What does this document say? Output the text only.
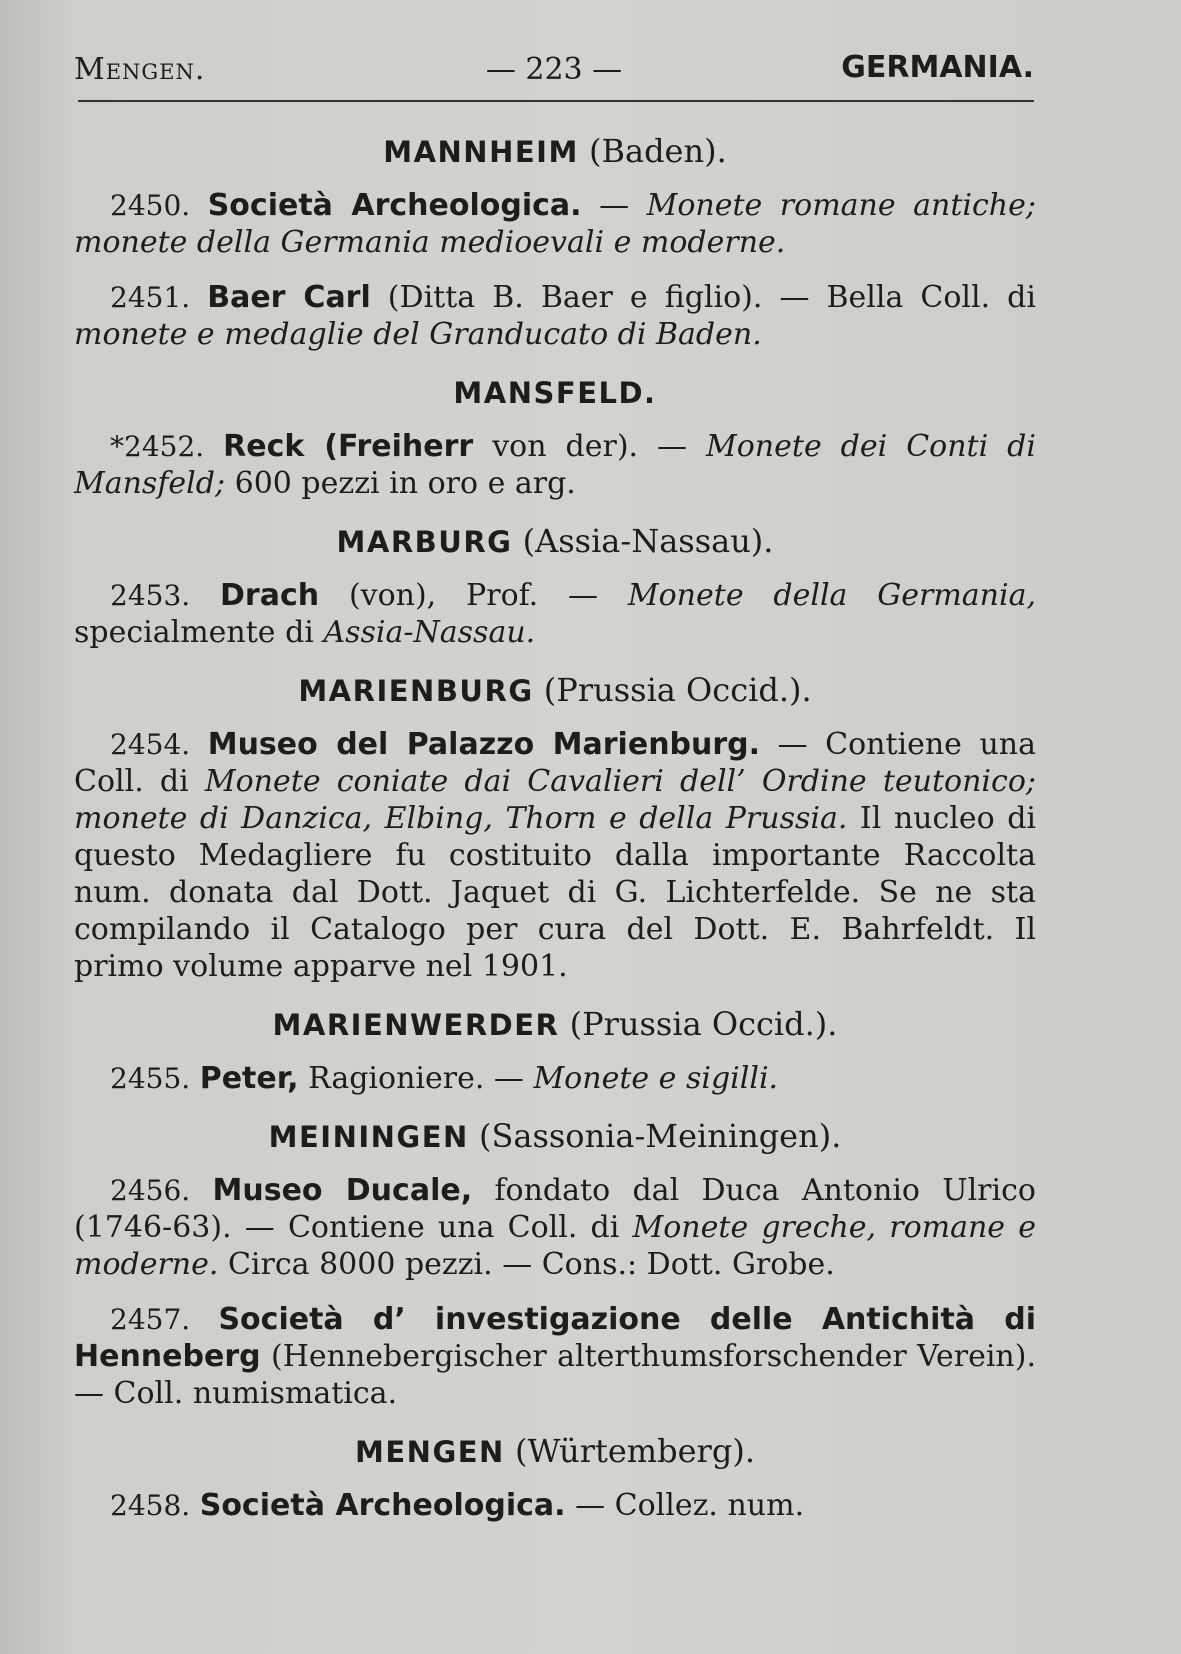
Mengen.	— 223 —	GERMANIA.
MANNHEIM (Baden).

2450. Società Archeologica. — Monete romane antiche; monete della Germania medioevali e moderne.

2451. Baer Carl (Ditta B. Baer e figlio). — Bella Coll. di monete e medaglie del Granducato di Baden.

MANSFELD.

*2452. Reck (Freiherr von der). — Monete dei Conti di Mansfeld; 600 pezzi in oro e arg.

MARBURG (Assia-Nassau).

2453. Drach (von), Prof. — Monete della Germania, specialmente di Assia-Nassau.

MARIENBURG (Prussia Occid.).

2454. Museo del Palazzo Marienburg. — Contiene una Coll. di Monete coniate dai Cavalieri dell’ Ordine teutonico; monete di Danzica, Elbing, Thorn e della Prussia. Il nucleo di questo Medagliere fu costituito dalla importante Raccolta num. donata dal Dott. Jaquet di G. Lichterfelde. Se ne sta compilando il Catalogo per cura del Dott. E. Bahrfeldt. Il primo volume apparve nel 1901.

MARIENWERDER (Prussia Occid.).

2455. Peter, Ragioniere. — Monete e sigilli.

MEININGEN (Sassonia-Meiningen).

2456. Museo Ducale, fondato dal Duca Antonio Ulrico (1746-63). — Contiene una Coll. di Monete greche, romane e moderne. Circa 8000 pezzi. — Cons.: Dott. Grobe.

2457. Società d’ investigazione delle Antichità di Henneberg (Hennebergischer alterthumsforschender Verein). — Coll. numismatica.

MENGEN (Würtemberg).

2458. Società Archeologica. — Collez. num.
